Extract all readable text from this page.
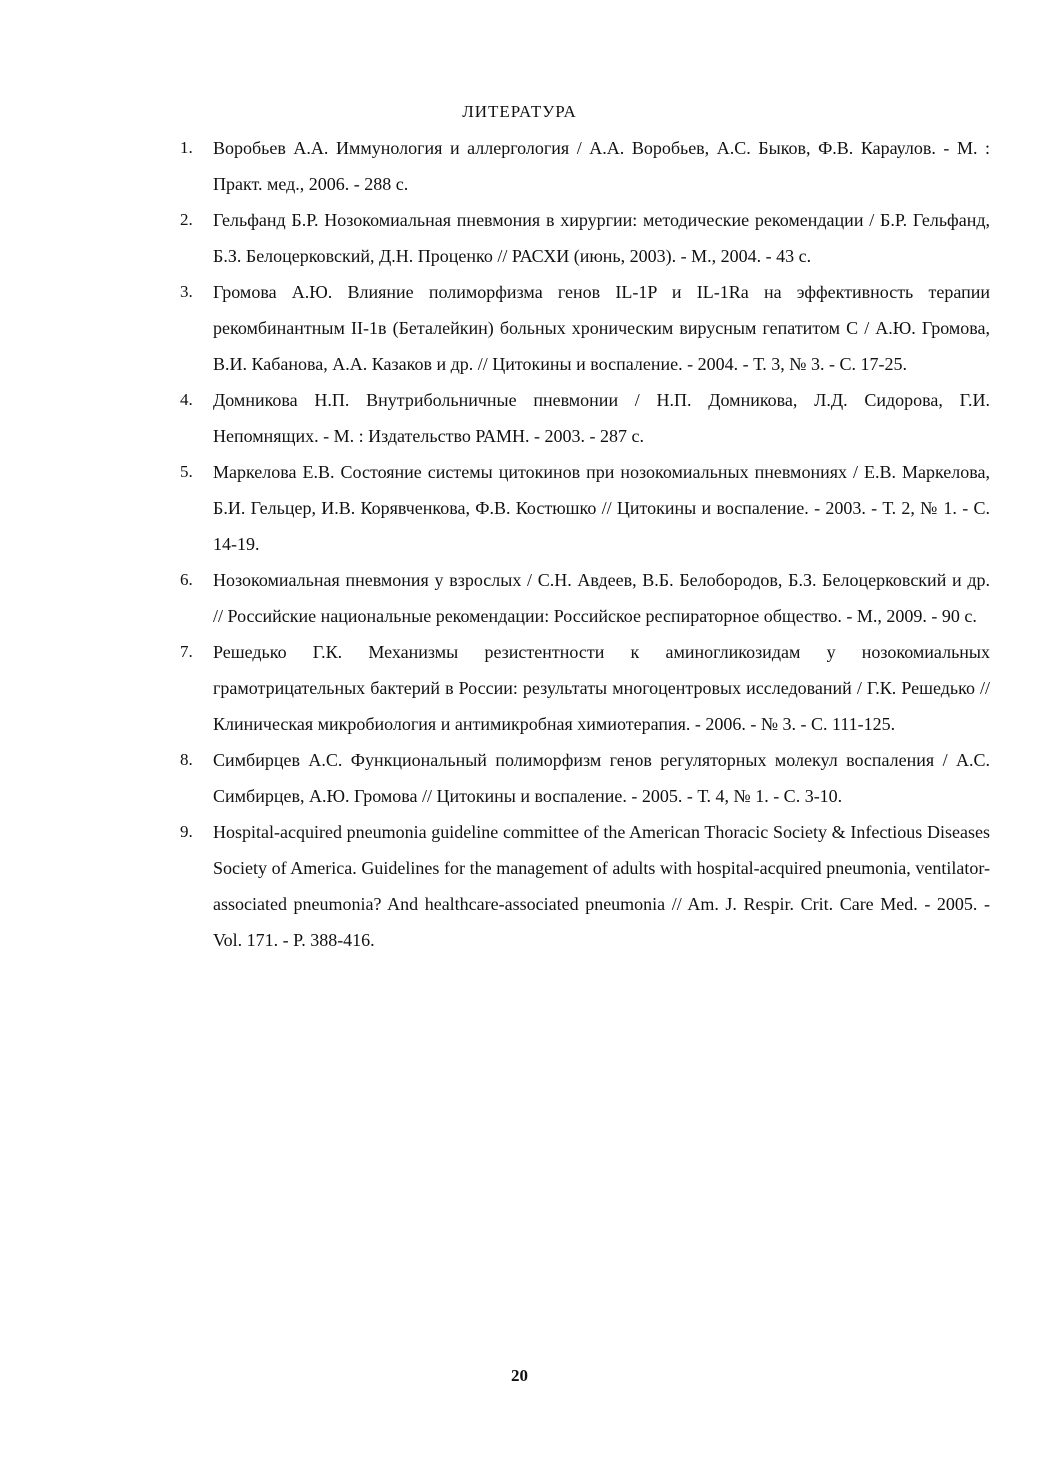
ЛИТЕРАТУРА
1.	Воробьев А.А. Иммунология и аллергология / А.А. Воробьев, А.С. Быков, Ф.В. Караулов. - М. : Практ. мед., 2006. - 288 с.
2.	Гельфанд Б.Р. Нозокомиальная пневмония в хирургии: методические рекомендации / Б.Р. Гельфанд, Б.З. Белоцерковский, Д.Н. Проценко // РАСХИ (июнь, 2003). - М., 2004. - 43 с.
3.	Громова А.Ю. Влияние полиморфизма генов IL-1P и IL-1Ra на эффективность терапии рекомбинантным II-1в (Беталейкин) больных хроническим вирусным гепатитом С / А.Ю. Громова, В.И. Кабанова, А.А. Казаков и др. // Цитокины и воспаление. - 2004. - Т. 3, № 3. - С. 17-25.
4.	Домникова Н.П. Внутрибольничные пневмонии / Н.П. Домникова, Л.Д. Сидорова, Г.И. Непомнящих. - М. : Издательство РАМН. - 2003. - 287 с.
5.	Маркелова Е.В. Состояние системы цитокинов при нозокомиальных пневмониях / Е.В. Маркелова, Б.И. Гельцер, И.В. Корявченкова, Ф.В. Костюшко // Цитокины и воспаление. - 2003. - Т. 2, № 1. - С. 14-19.
6.	Нозокомиальная пневмония у взрослых / С.Н. Авдеев, В.Б. Белобородов, Б.З. Белоцерковский и др. // Российские национальные рекомендации: Российское респираторное общество. - М., 2009. - 90 с.
7.	Решедько Г.К. Механизмы резистентности к аминогликозидам у нозокомиальных грамотрицательных бактерий в России: результаты многоцентровых исследований / Г.К. Решедько // Клиническая микробиология и антимикробная химиотерапия. - 2006. - № 3. - С. 111-125.
8.	Симбирцев А.С. Функциональный полиморфизм генов регуляторных молекул воспаления / А.С. Симбирцев, А.Ю. Громова // Цитокины и воспаление. - 2005. - Т. 4, № 1. - С. 3-10.
9.	Hospital-acquired pneumonia guideline committee of the American Thoracic Society & Infectious Diseases Society of America. Guidelines for the management of adults with hospital-acquired pneumonia, ventilator- associated pneumonia? And healthcare-associated pneumonia // Am. J. Respir. Crit. Care Med. - 2005. - Vol. 171. - P. 388-416.
20
